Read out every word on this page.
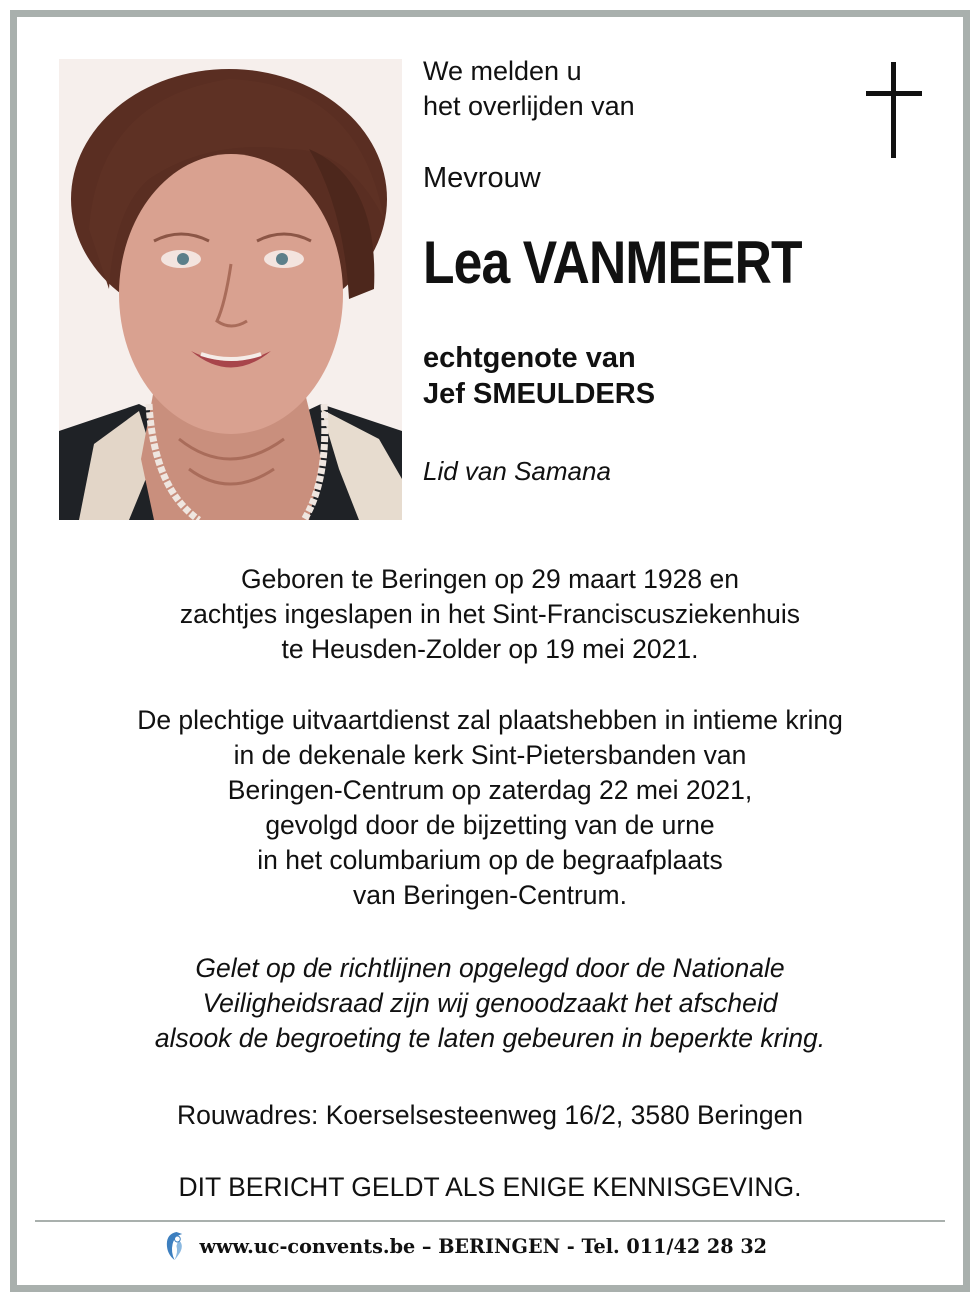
We melden u
het overlijden van
Mevrouw
Lea VANMEERT
echtgenote van
Jef SMEULDERS
Lid van Samana
Geboren te Beringen op 29 maart 1928 en
zachtjes ingeslapen in het Sint-Franciscusziekenhuis
te Heusden-Zolder op 19 mei 2021.
De plechtige uitvaartdienst zal plaatshebben in intieme kring
in de dekenale kerk Sint-Pietersbanden van
Beringen-Centrum op zaterdag 22 mei 2021,
gevolgd door de bijzetting van de urne
in het columbarium op de begraafplaats
van Beringen-Centrum.
Gelet op de richtlijnen opgelegd door de Nationale
Veiligheidsraad zijn wij genoodzaakt het afscheid
alsook de begroeting te laten gebeuren in beperkte kring.
Rouwadres: Koerselsesteenweg 16/2, 3580 Beringen
DIT BERICHT GELDT ALS ENIGE KENNISGEVING.
www.uc-convents.be – BERINGEN - Tel. 011/42 28 32
